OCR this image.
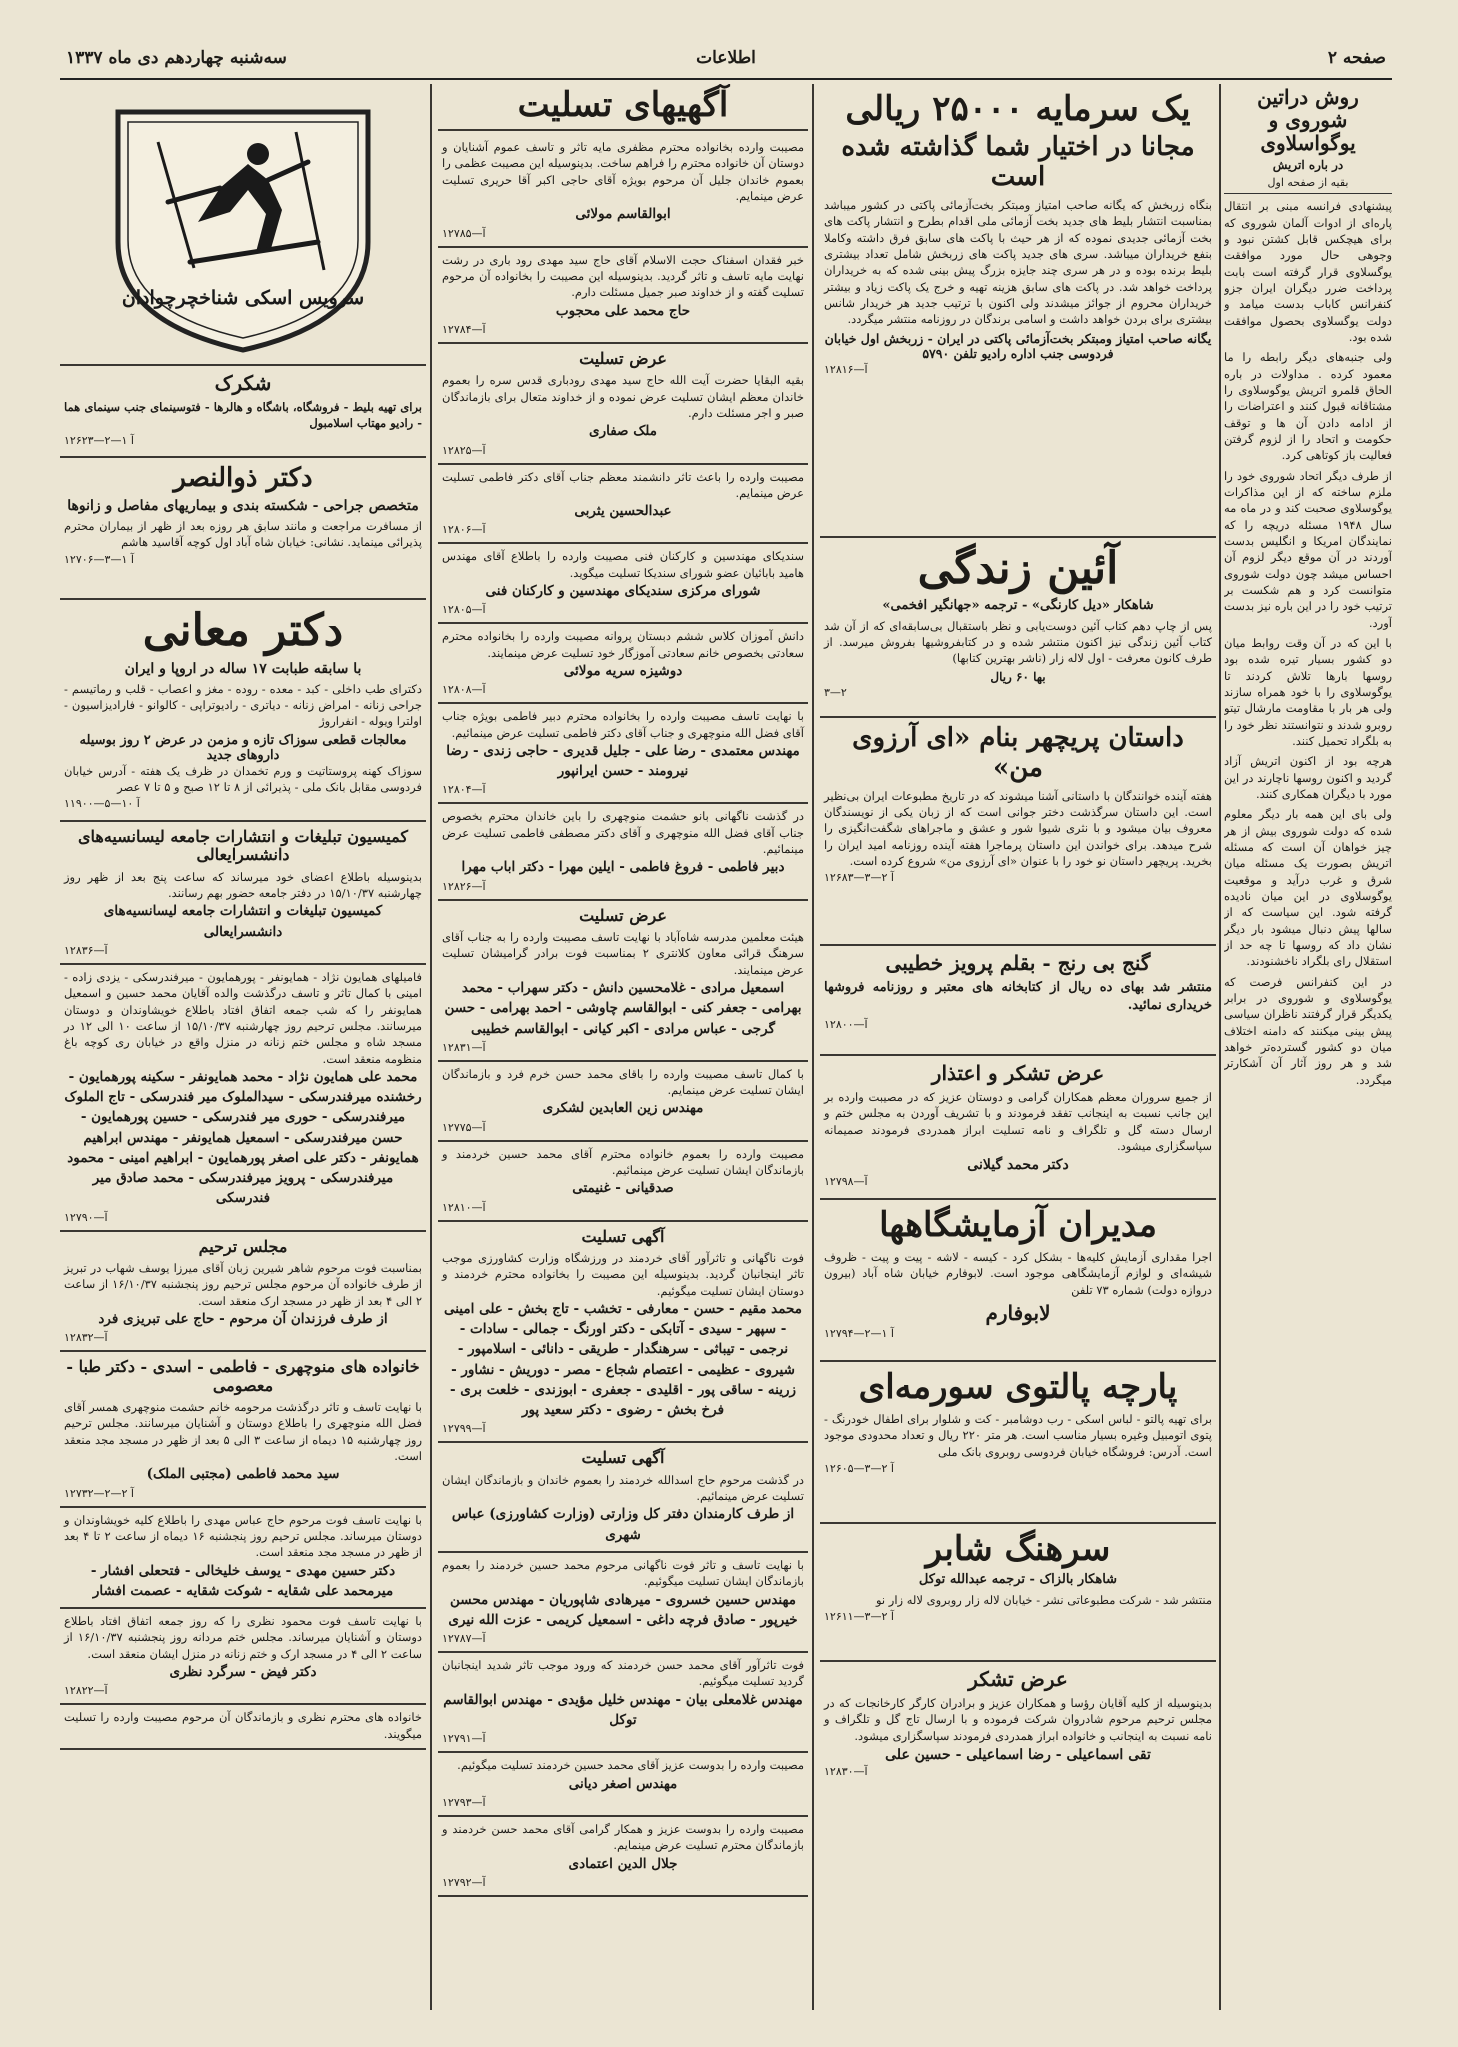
صفحه ۲
اطلاعات
سه‌شنبه چهاردهم دی ماه ۱۳۳۷
روش دراتین شوروی و یوگواسلاوی
در باره اتریش
بقیه از صفحه اول

پیشنهادی فرانسه مبنی بر انتقال پاره‌ای از ادوات آلمان شوروی که برای هیچکس قابل کشتن نبود و وجوهی حال مورد موافقت یوگسلاوی قرار گرفته است بابت پرداخت ضرر دیگران ایران جزو کنفرانس کاباب بدست میامد و دولت یوگسلاوی بحصول موافقت شده بود.

ولی جنبه‌های دیگر رابطه را ما معمود کرده . مداولات در باره الحاق قلمرو اتریش یوگوسلاوی را مشتاقانه قبول کنند و اعتراضات را از ادامه دادن آن ها و توقف حکومت و اتحاد را از لزوم گرفتن فعالیت باز کوتاهی کرد.

از طرف دیگر اتحاد شوروی خود را ملزم ساخته که از این مذاکرات یوگوسلاوی صحبت کند و در ماه مه سال ۱۹۴۸ مسئله دریچه را که نمایندگان امریکا و انگلیس بدست آوردند در آن موقع دیگر لزوم آن احساس میشد چون دولت شوروی متوانست کرد و هم شکست بر ترتیب خود را در این باره نیز بدست آورد.

با این که در آن وقت روابط میان دو کشور بسیار تیره شده بود روسها بارها تلاش کردند تا یوگوسلاوی را با خود همراه سازند ولی هر بار با مقاومت مارشال تیتو روبرو شدند و نتوانستند نظر خود را به بلگراد تحمیل کنند.

هرچه بود از اکنون اتریش آزاد گردید و اکنون روسها ناچارند در این مورد با دیگران همکاری کنند.

ولی بای این همه بار دیگر معلوم شده که دولت شوروی بیش از هر چیز خواهان آن است که مسئله اتریش بصورت یک مسئله میان شرق و غرب درآید و موقعیت یوگوسلاوی در این میان نادیده گرفته شود. این سیاست که از سالها پیش دنبال میشود بار دیگر نشان داد که روسها تا چه حد از استقلال رای بلگراد ناخشنودند.

در این کنفرانس فرصت که یوگوسلاوی و شوروی در برابر یکدیگر قرار گرفتند ناظران سیاسی پیش بینی میکنند که دامنه اختلاف میان دو کشور گسترده‌تر خواهد شد و هر روز آثار آن آشکارتر میگردد.

یک سرمایه ۲۵۰۰۰ ریالی
مجانا در اختیار شما گذاشته شده است
بنگاه زربخش که یگانه صاحب امتیاز ومبتکر بخت‌آزمائی پاکتی در کشور میباشد بمناسبت انتشار بلیط های جدید بخت آزمائی ملی اقدام بطرح و انتشار پاکت های بخت آزمائی جدیدی نموده که از هر حیث با پاکت های سابق فرق داشته وکاملا بنفع خریداران میباشد. سری های جدید پاکت های زربخش شامل تعداد بیشتری بلیط برنده بوده و در هر سری چند جایزه بزرگ پیش بینی شده که به خریداران پرداخت خواهد شد. در پاکت های سابق هزینه تهیه و خرج یک پاکت زیاد و بیشتر خریداران محروم از جوائز میشدند ولی اکنون با ترتیب جدید هر خریدار شانس بیشتری برای بردن خواهد داشت و اسامی برندگان در روزنامه منتشر میگردد.
یگانه صاحب امتیاز ومبتکر بخت‌آزمائی پاکتی در ایران - زربخش اول خیابان فردوسی جنب اداره رادیو تلفن ۵۷۹۰
۱۲۸۱۶—آ
آئین زندگی
شاهکار «دیل کارنگی» - ترجمه «جهانگیر افخمی»
پس از چاپ دهم کتاب آئین دوست‌یابی و نظر باستقبال بی‌سابقه‌ای که از آن شد کتاب آئین زندگی نیز اکنون منتشر شده و در کتابفروشیها بفروش میرسد. از طرف کانون معرفت - اول لاله زار (ناشر بهترین کتابها)
بها ۶۰ ریال
۳—۲
داستان پریچهر بنام «ای آرزوی من»
هفته آینده خوانندگان با داستانی آشنا میشوند که در تاریخ مطبوعات ایران بی‌نظیر است. این داستان سرگذشت دختر جوانی است که از زبان یکی از نویسندگان معروف بیان میشود و با نثری شیوا شور و عشق و ماجراهای شگفت‌انگیزی را شرح میدهد. برای خواندن این داستان پرماجرا هفته آینده روزنامه امید ایران را بخرید. پریچهر داستان نو خود را با عنوان «ای آرزوی من» شروع کرده است.
۱۲۶۸۳—آ ۲—۳
گنج بی رنج - بقلم پرویز خطیبی
منتشر شد بهای ده ریال از کتابخانه های معتبر و روزنامه فروشها خریداری نمائید.
۱۲۸۰۰—آ
عرض تشکر و اعتذار
از جمیع سروران معظم همکاران گرامی و دوستان عزیز که در مصیبت وارده بر این جانب نسبت به اینجانب تفقد فرمودند و با تشریف آوردن به مجلس ختم و ارسال دسته گل و تلگراف و نامه تسلیت ابراز همدردی فرمودند صمیمانه سپاسگزاری میشود.
دکتر محمد گیلانی
۱۲۷۹۸—آ
مدیران آزمایشگاهها
اجرا مقداری آزمایش کلیه‌ها - بشکل کرد - کیسه - لاشه - پیت و پیت - ظروف شیشه‌ای و لوازم آزمایشگاهی موجود است. لابوفارم خیابان شاه آباد (بیرون دروازه دولت) شماره ۷۳ تلفن
لابوفارم
۱۲۷۹۴—آ ۱—۲
پارچه پالتوی سورمه‌ای
برای تهیه پالتو - لباس اسکی - رب دوشامبر - کت و شلوار برای اطفال خودرنگ - پتوی اتومبیل وغیره بسیار مناسب است. هر متر ۲۲۰ ریال و تعداد محدودی موجود است. آدرس: فروشگاه خیابان فردوسی روبروی بانک ملی
۱۲۶۰۵—آ ۲—۳
سرهنگ شابر
شاهکار بالزاک - ترجمه عبدالله توکل
منتشر شد - شرکت مطبوعاتی نشر - خیابان لاله زار روبروی لاله زار نو
۱۲۶۱۱—آ ۲—۳
عرض تشکر
بدینوسیله از کلیه آقایان رؤسا و همکاران عزیز و برادران کارگر کارخانجات که در مجلس ترحیم مرحوم شادروان شرکت فرموده و با ارسال تاج گل و تلگراف و نامه نسبت به اینجانب و خانواده ابراز همدردی فرمودند سپاسگزاری میشود.
تقی اسماعیلی - رضا اسماعیلی - حسین علی
۱۲۸۳۰—آ
آگهیهای تسلیت
مصیبت وارده بخانواده محترم مظفری مایه تاثر و تاسف عموم آشنایان و دوستان آن خانواده محترم را فراهم ساخت. بدینوسیله این مصیبت عظمی را بعموم خاندان جلیل آن مرحوم بویژه آقای حاجی اکبر آقا حریری تسلیت عرض مینمایم.
ابوالقاسم مولائی
۱۲۷۸۵—آ
خبر فقدان اسفناک حجت الاسلام آقای حاج سید مهدی رود باری در رشت نهایت مایه تاسف و تاثر گردید. بدینوسیله این مصیبت را بخانواده آن مرحوم تسلیت گفته و از خداوند صبر جمیل مسئلت دارم.
حاج محمد علی محجوب
۱۲۷۸۴—آ
عرض تسلیت
بقیه البقایا حضرت آیت الله حاج سید مهدی رودباری قدس سره را بعموم خاندان معظم ایشان تسلیت عرض نموده و از خداوند متعال برای بازماندگان صبر و اجر مسئلت دارم.
ملک صفاری
۱۲۸۲۵—آ
مصیبت وارده را باعث تاثر دانشمند معظم جناب آقای دکتر فاطمی تسلیت عرض مینمایم.
عبدالحسین یثربی
۱۲۸۰۶—آ
سندیکای مهندسین و کارکنان فنی مصیبت وارده را باطلاع آقای مهندس هامید بابائیان عضو شورای سندیکا تسلیت میگوید.
شورای مرکزی سندیکای مهندسین و کارکنان فنی
۱۲۸۰۵—آ
دانش آموزان کلاس ششم دبستان پروانه مصیبت وارده را بخانواده محترم سعادتی بخصوص خانم سعادتی آموزگار خود تسلیت عرض مینمایند.
دوشیزه سریه مولائی
۱۲۸۰۸—آ
با نهایت تاسف مصیبت وارده را بخانواده محترم دبیر فاطمی بویژه جناب آقای فضل الله منوچهری و جناب آقای دکتر فاطمی تسلیت عرض مینمائیم.
مهندس معتمدی - رضا علی - جلیل قدیری - حاجی زندی - رضا نیرومند - حسن ایرانپور
۱۲۸۰۴—آ
در گذشت ناگهانی بانو حشمت منوچهری را باین خاندان محترم بخصوص جناب آقای فضل الله منوچهری و آقای دکتر مصطفی فاطمی تسلیت عرض مینمائیم.
دبیر فاطمی - فروغ فاطمی - ایلین مهرا - دکتر اباب مهرا
۱۲۸۲۶—آ
عرض تسلیت
هیئت معلمین مدرسه شاه‌آباد با نهایت تاسف مصیبت وارده را به جناب آقای سرهنگ قرائی معاون کلانتری ۲ بمناسبت فوت برادر گرامیشان تسلیت عرض مینمایند.
اسمعیل مرادی - غلامحسین دانش - دکتر سهراب - محمد بهرامی - جعفر کنی - ابوالقاسم چاوشی - احمد بهرامی - حسن گرجی - عباس مرادی - اکبر کیانی - ابوالقاسم خطیبی
۱۲۸۳۱—آ
با کمال تاسف مصیبت وارده را باقای محمد حسن خرم فرد و بازماندگان ایشان تسلیت عرض مینمایم.
مهندس زین العابدین لشکری
۱۲۷۷۵—آ
مصیبت وارده را بعموم خانواده محترم آقای محمد حسین خردمند و بازماندگان ایشان تسلیت عرض مینمائیم.
صدقیانی - غنیمتی
۱۲۸۱۰—آ
آگهی تسلیت
فوت ناگهانی و تاثرآور آقای خردمند در ورزشگاه وزارت کشاورزی موجب تاثر اینجانبان گردید. بدینوسیله این مصیبت را بخانواده محترم خردمند و دوستان ایشان تسلیت میگوئیم.
محمد مقیم - حسن - معارفی - تخشب - تاج بخش - علی امینی - سپهر - سیدی - آتابکی - دکتر اورنگ - جمالی - سادات - نرجمی - تیباثی - سرهنگدار - طریقی - دانائی - اسلامپور - شیروی - عظیمی - اعتصام شجاع - مصر - دوریش - نشاور - زرینه - ساقی پور - اقلیدی - جعفری - ابوزندی - خلعت بری - فرخ بخش - رضوی - دکتر سعید پور
۱۲۷۹۹—آ
آگهی تسلیت
در گذشت مرحوم حاج اسدالله خردمند را بعموم خاندان و بازماندگان ایشان تسلیت عرض مینمائیم.
از طرف کارمندان دفتر کل وزارتی (وزارت کشاورزی) عباس شهری
با نهایت تاسف و تاثر فوت ناگهانی مرحوم محمد حسین خردمند را بعموم بازماندگان ایشان تسلیت میگوئیم.
مهندس حسین خسروی - میرهادی شاپوریان - مهندس محسن خیرپور - صادق فرچه داغی - اسمعیل کریمی - عزت الله نیری
۱۲۷۸۷—آ
فوت تاثرآور آقای محمد حسن خردمند که ورود موجب تاثر شدید اینجانبان گردید تسلیت میگوئیم.
مهندس غلامعلی بیان - مهندس خلیل مؤیدی - مهندس ابوالقاسم توکل
۱۲۷۹۱—آ
مصیبت وارده را بدوست عزیز آقای محمد حسین خردمند تسلیت میگوئیم.
مهندس اصغر دیانی
۱۲۷۹۳—آ
مصیبت وارده را بدوست عزیز و همکار گرامی آقای محمد حسن خردمند و بازماندگان محترم تسلیت عرض مینمایم.
جلال الدین اعتمادی
۱۲۷۹۲—آ
سرویس اسکی شناخچرچوادان
شکرک
برای تهیه بلیط - فروشگاه، باشگاه و هالرها - فتوسینمای جنب سینمای هما - رادیو مهتاب اسلامبول
۱۲۶۲۳—آ ۱—۲
دکتر ذوالنصر
متخصص جراحی - شکسته بندی و بیماریهای مفاصل و زانوها
از مسافرت مراجعت و مانند سابق هر روزه بعد از ظهر از بیماران محترم پذیرائی مینماید. نشانی: خیابان شاه آباد اول کوچه آقاسید هاشم
۱۲۷۰۶—آ ۱—۳
دکتر معانی
با سابقه طبابت ۱۷ ساله در اروپا و ایران
دکترای طب داخلی - کبد - معده - روده - مغز و اعصاب - قلب و رماتیسم - جراحی زنانه - امراض زنانه - دیاتری - رادیوتراپی - کالوانو - فارادیزاسیون - اولترا ویوله - انفراروژ
معالجات قطعی سوزاک تازه و مزمن در عرض ۲ روز بوسیله داروهای جدید
سوزاک کهنه پروستاتیت و ورم تخمدان در ظرف یک هفته - آدرس خیابان فردوسی مقابل بانک ملی - پذیرائی از ۸ تا ۱۲ صبح و ۵ تا ۷ عصر
۱۱۹۰۰—آ ۱۰—۵
کمیسیون تبلیغات و انتشارات جامعه لیسانسیه‌های دانشسرایعالی
بدینوسیله باطلاع اعضای خود میرساند که ساعت پنج بعد از ظهر روز چهارشنبه ۱۵/۱۰/۳۷ در دفتر جامعه حضور بهم رسانند.
کمیسیون تبلیغات و انتشارات جامعه لیسانسیه‌های دانشسرایعالی
۱۲۸۳۶—آ
فامیلهای همایون نژاد - همایونفر - پورهمایون - میرفندرسکی - یزدی زاده - امینی با کمال تاثر و تاسف درگذشت والده آقایان محمد حسین و اسمعیل همایونفر را که شب جمعه اتفاق افتاد باطلاع خویشاوندان و دوستان میرسانند. مجلس ترحیم روز چهارشنبه ۱۵/۱۰/۳۷ از ساعت ۱۰ الی ۱۲ در مسجد شاه و مجلس ختم زنانه در منزل واقع در خیابان ری کوچه باغ منظومه منعقد است.
محمد علی همایون نژاد - محمد همایونفر - سکینه پورهمایون - رخشنده میرفندرسکی - سیدالملوک میر فندرسکی - تاج الملوک میرفندرسکی - حوری میر فندرسکی - حسین پورهمایون - حسن میرفندرسکی - اسمعیل همایونفر - مهندس ابراهیم همایونفر - دکتر علی اصغر پورهمایون - ابراهیم امینی - محمود میرفندرسکی - پرویز میرفندرسکی - محمد صادق میر فندرسکی
۱۲۷۹۰—آ
مجلس ترحیم
بمناسبت فوت مرحوم شاهر شیرین زبان آقای میرزا یوسف شهاب در تبریز از طرف خانواده آن مرحوم مجلس ترحیم روز پنجشنبه ۱۶/۱۰/۳۷ از ساعت ۲ الی ۴ بعد از ظهر در مسجد ارک منعقد است.
از طرف فرزندان آن مرحوم - حاج علی تبریزی فرد
۱۲۸۳۲—آ
خانواده های منوچهری - فاطمی - اسدی - دکتر طبا - معصومی
با نهایت تاسف و تاثر درگذشت مرحومه خانم حشمت منوچهری همسر آقای فضل الله منوچهری را باطلاع دوستان و آشنایان میرسانند. مجلس ترحیم روز چهارشنبه ۱۵ دیماه از ساعت ۳ الی ۵ بعد از ظهر در مسجد مجد منعقد است.
سید محمد فاطمی (مجتبی الملک)
۱۲۷۳۲—آ ۲—۲
با نهایت تاسف فوت مرحوم حاج عباس مهدی را باطلاع کلیه خویشاوندان و دوستان میرساند. مجلس ترحیم روز پنجشنبه ۱۶ دیماه از ساعت ۲ تا ۴ بعد از ظهر در مسجد مجد منعقد است.
دکتر حسین مهدی - یوسف خلیخالی - فتحعلی افشار - میرمحمد علی شقایه - شوکت شقایه - عصمت افشار
با نهایت تاسف فوت محمود نظری را که روز جمعه اتفاق افتاد باطلاع دوستان و آشنایان میرساند. مجلس ختم مردانه روز پنجشنبه ۱۶/۱۰/۳۷ از ساعت ۲ الی ۴ در مسجد ارک و ختم زنانه در منزل ایشان منعقد است.
دکتر فیض - سرگرد نظری
۱۲۸۲۲—آ
خانواده های محترم نظری و بازماندگان آن مرحوم مصیبت وارده را تسلیت میگویند.
